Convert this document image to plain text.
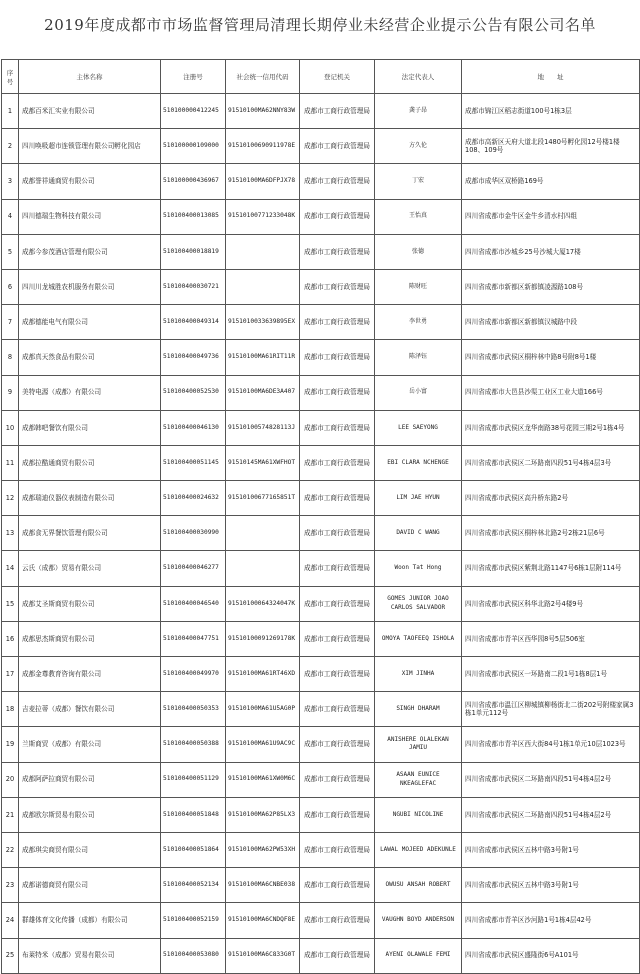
2019年度成都市市场监督管理局清理长期停业未经营企业提示公告有限公司名单
序号	主体名称	注册号	社会统一信用代码	登记机关	法定代表人	地　　址
1	成都百米汇实业有限公司	510100000412245	91510100MA62NNY83W	成都市工商行政管理局	龚子昂	成都市锦江区稻志街道100号1栋3层
2	四川唤吸超市连锁管理有限公司孵化园店	510100000109000	91510100690911978E	成都市工商行政管理局	方久伦	成都市高新区天府大道北段1480号孵化园12号楼1楼108、109号
3	成都誉祥通商贸有限公司	510100000436967	91510100MA6DFPJX78	成都市工商行政管理局	丁宏	成都市成华区双桥路169号
4	四川德瑞生物科技有限公司	510100400013085	91510100771233048K	成都市工商行政管理局	王怡真	四川省成都市金牛区金牛乡清水村四组
5	成都今参茂酒店管理有限公司	510100400018819		成都市工商行政管理局	张德	四川省成都市沙城乡25号沙城大厦17楼
6	四川川龙城胜农机服务有限公司	510100400030721		成都市工商行政管理局	陈财旺	四川省成都市新都区新都镇凌源路108号
7	成都德能电气有限公司	510100400049314	9151010033639895EX	成都市工商行政管理局	李世勇	四川省成都市新都区新都镇汉城路中段
8	成都真天然食品有限公司	510100400049736	91510100MA61RIT11R	成都市工商行政管理局	陈泽钰	四川省成都市武侯区桐梓林中路8号附8号1楼
9	美特电源（成都）有限公司	510100400052530	91510100MA6DE3A407	成都市工商行政管理局	岳小富	四川省成都市大邑县沙渠工业区工业大道166号
10	成都韩吧餐饮有限公司	510100400046130	91510100574828113J	成都市工商行政管理局	LEE SAEYONG	四川省成都市武侯区龙华南路38号花园三期2号1栋4号
11	成都拉酷通商贸有限公司	510100400051145	91510145MA61XWFHOT	成都市工商行政管理局	EBI CLARA NCHENGE	四川省成都市武侯区二环路南四段51号4栋4层3号
12	成都瑞迪仪器仪表制造有限公司	510100400024632	91510100677165851T	成都市工商行政管理局	LIM JAE HYUN	四川省成都市武侯区高升桥东路2号
13	成都食无界餐饮管理有限公司	510100400030990		成都市工商行政管理局	DAVID C WANG	四川省成都市武侯区桐梓林北路2号2栋21层6号
14	云氏（成都）贸易有限公司	510100400046277		成都市工商行政管理局	Woon Tat Hong	四川省成都市武侯区紫荆北路1147号6栋1层附114号
15	成都艾圣斯商贸有限公司	510100400046540	91510100064324047K	成都市工商行政管理局	GOMES JUNIOR JOAO CARLOS SALVADOR	四川省成都市武侯区科华北路2号4楼9号
16	成都思杰斯商贸有限公司	510100400047751	91510100091269178K	成都市工商行政管理局	OMOYA TAOFEEQ ISHOLA	四川省成都市青羊区西华园8号5层506室
17	成都金尊教育咨询有限公司	510100400049970	91510100MA61RT46XD	成都市工商行政管理局	XIM JINHA	四川省成都市武侯区一环路南二段1号1栋8层1号
18	吉麦拉蒂（成都）餐饮有限公司	510100400050353	91510100MA61U5AG0P	成都市工商行政管理局	SINGH DHARAM	四川省成都市温江区柳城镇柳杨街北二街202号附楼家属3栋1单元112号
19	兰斯商贸（成都）有限公司	510100400050388	91510100MA61U9AC9C	成都市工商行政管理局	ANISHERE OLALEKAN JAMIU	四川省成都市青羊区西大街84号1栋1单元10层1023号
20	成都阿萨拉商贸有限公司	510100400051129	91510100MA61XW0M6C	成都市工商行政管理局	ASAAN EUNICE NKEAGLEFAC	四川省成都市武侯区二环路南四段51号4栋4层2号
21	成都欧尔斯贸易有限公司	510100400051848	91510100MA62P85LX3	成都市工商行政管理局	NGUBI NICOLINE	四川省成都市武侯区二环路南四段51号4栋4层2号
22	成都琪尖商贸有限公司	510100400051864	91510100MA62PW53XH	成都市工商行政管理局	LAWAL MOJEED ADEKUNLE	四川省成都市武侯区五林中路3号附1号
23	成都诺德商贸有限公司	510100400052134	91510100MA6CNBE038	成都市工商行政管理局	OWUSU ANSAH ROBERT	四川省成都市武侯区五林中路3号附1号
24	群雄体育文化传播（成都）有限公司	510100400052159	91510100MA6CNDQF8E	成都市工商行政管理局	VAUGHN BOYD ANDERSON	四川省成都市青羊区沙河路1号1栋4层42号
25	布莱特米（成都）贸易有限公司	510100400053080	91510100MA6C833G0T	成都市工商行政管理局	AYENI OLAWALE FEMI	四川省成都市武侯区盛隆街6号A101号
